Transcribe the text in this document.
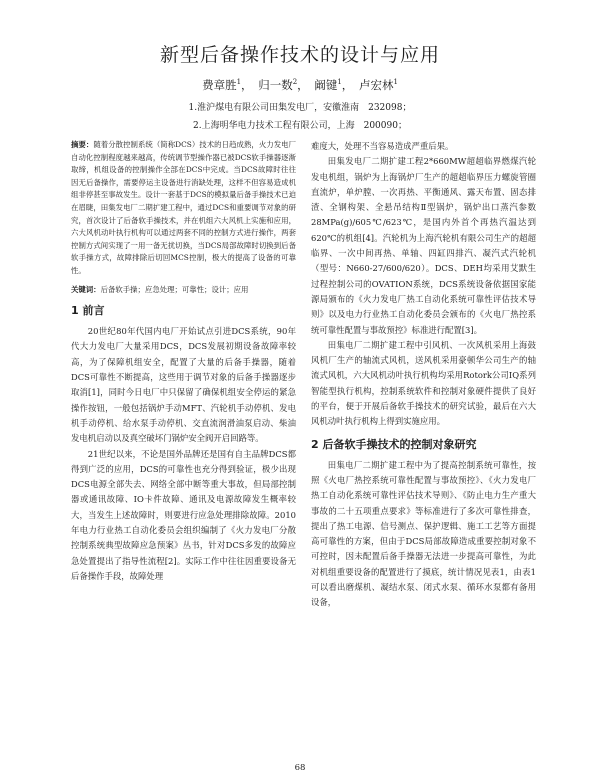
新型后备操作技术的设计与应用
费章胜$^1$， 归一数$^2$， 阚键$^1$， 卢宏林$^1$
1.淮沪煤电有限公司田集发电厂，安徽淮南　232098；
2.上海明华电力技术工程有限公司，上海　200090；
摘要：随着分散控制系统（简称DCS）技术的日趋成熟，火力发电厂自动化控制程度越来越高，传统调节型操作器已被DCS软手操器逐渐取缔，机组设备的控制操作全部在DCS中完成。当DCS故障时往往因无后备操作，需要停运主设备进行消缺处理，这样不但容易造成机组非停甚至事故发生。设计一套基于DCS的模拟量后备手操技术已迫在眉睫，田集发电厂二期扩建工程中，通过DCS和重要调节对象的研究，首次设计了后备软手操技术，并在机组六大风机上实施和应用，六大风机动叶执行机构可以通过两套不同的控制方式进行操作，两套控制方式间实现了一用一备无扰切换，当DCS局部故障时切换到后备软手操方式，故障排除后切回MCS控制，极大的提高了设备的可靠性。
关键词：后备软手操；应急处理；可靠性；设计；应用
1 前言

20世纪80年代国内电厂开始试点引进DCS系统，90年代大力发电厂大量采用DCS，DCS发展初期设备故障率较高，为了保障机组安全，配置了大量的后备手操器，随着DCS可靠性不断提高，这些用于调节对象的后备手操器逐步取消[1]，同时今日电厂中只保留了确保机组安全停运的紧急操作按钮，一般包括锅炉手动MFT、汽轮机手动停机、发电机手动停机、给水泵手动停机、交直流润滑油泵启动、柴油发电机启动以及真空破坏门锅炉安全阀开启回路等。

21世纪以来，不论是国外品牌还是国有自主品牌DCS都得到广泛的应用，DCS的可靠性也充分得到验证，极少出现DCS电源全部失去、网络全部中断等重大事故，但局部控制器或通讯故障、IO卡件故障、通讯及电源故障发生概率较大，当发生上述故障时，则要进行应急处理排除故障。2010年电力行业热工自动化委员会组织编制了《火力发电厂分散控制系统典型故障应急预案》丛书，针对DCS多发的故障应急处置提出了指导性流程[2]。实际工作中往往因重要设备无后备操作手段，故障处理

难度大，处理不当容易造成严重后果。

田集发电厂二期扩建工程2*660MW超超临界燃煤汽轮发电机组，锅炉为上海锅炉厂生产的超超临界压力螺旋管圈直流炉，单炉膛、一次再热、平衡通风、露天布置、固态排渣、全钢构架、全悬吊结构Ⅱ型锅炉，锅炉出口蒸汽参数28MPa(g)/605℃/623℃，是国内外首个再热汽温达到620℃的机组[4]。汽轮机为上海汽轮机有限公司生产的超超临界、一次中间再热、单轴、四缸四排汽、凝汽式汽轮机（型号：N660-27/600/620）。DCS、DEH均采用艾默生过程控制公司的OVATION系统，DCS系统设备依据国家能源局颁布的《火力发电厂热工自动化系统可靠性评估技术导则》以及电力行业热工自动化委员会颁布的《火电厂热控系统可靠性配置与事故预控》标准进行配置[3]。

田集电厂二期扩建工程中引风机、一次风机采用上海鼓风机厂生产的轴流式风机，送风机采用豪顿华公司生产的轴流式风机，六大风机动叶执行机构均采用Rotork公司IQ系列智能型执行机构，控制系统软件和控制对象硬件提供了良好的平台，便于开展后备软手操技术的研究试验，最后在六大风机动叶执行机构上得到实施应用。

2 后备软手操技术的控制对象研究

田集电厂二期扩建工程中为了提高控制系统可靠性，按照《火电厂热控系统可靠性配置与事故预控》、《火力发电厂热工自动化系统可靠性评估技术导则》、《防止电力生产重大事故的二十五项重点要求》等标准进行了多次可靠性排查，提出了热工电源、信号测点、保护逻辑、施工工艺等方面提高可靠性的方案，但由于DCS局部故障造成重要控制对象不可控时，因未配置后备手操器无法进一步提高可靠性，为此对机组重要设备的配置进行了摸底，统计情况见表1，由表1可以看出磨煤机、凝结水泵、闭式水泵、循环水泵都有备用设备，

68
